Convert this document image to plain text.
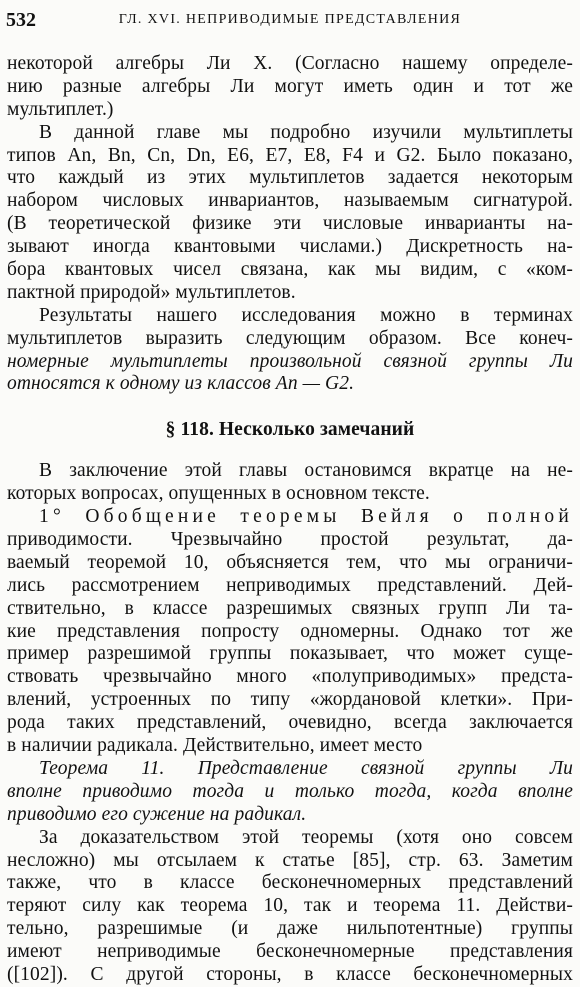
532	ГЛ. XVI. НЕПРИВОДИМЫЕ ПРЕДСТАВЛЕНИЯ
некоторой алгебры Ли X. (Согласно нашему определе-
нию разные алгебры Ли могут иметь один и тот же
мультиплет.)
В данной главе мы подробно изучили мультиплеты
типов An, Bn, Cn, Dn, E6, E7, E8, F4 и G2. Было показано,
что каждый из этих мультиплетов задается некоторым
набором числовых инвариантов, называемым сигнатурой.
(В теоретической физике эти числовые инварианты на-
зывают иногда квантовыми числами.) Дискретность на-
бора квантовых чисел связана, как мы видим, с «ком-
пактной природой» мультиплетов.
Результаты нашего исследования можно в терминах
мультиплетов выразить следующим образом. Все конеч-
номерные мультиплеты произвольной связной группы Ли
относятся к одному из классов An — G2.
§ 118. Несколько замечаний
В заключение этой главы остановимся вкратце на не-
которых вопросах, опущенных в основном тексте.
1° Обобщение теоремы Вейля о полной
приводимости. Чрезвычайно простой результат, да-
ваемый теоремой 10, объясняется тем, что мы ограничи-
лись рассмотрением неприводимых представлений. Дей-
ствительно, в классе разрешимых связных групп Ли та-
кие представления попросту одномерны. Однако тот же
пример разрешимой группы показывает, что может суще-
ствовать чрезвычайно много «полуприводимых» предста-
влений, устроенных по типу «жордановой клетки». При-
рода таких представлений, очевидно, всегда заключается
в наличии радикала. Действительно, имеет место
Теорема 11. Представление связной группы Ли
вполне приводимо тогда и только тогда, когда вполне
приводимо его сужение на радикал.
За доказательством этой теоремы (хотя оно совсем
несложно) мы отсылаем к статье [85], стр. 63. Заметим
также, что в классе бесконечномерных представлений
теряют силу как теорема 10, так и теорема 11. Действи-
тельно, разрешимые (и даже нильпотентные) группы
имеют неприводимые бесконечномерные представления
([102]). С другой стороны, в классе бесконечномерных
